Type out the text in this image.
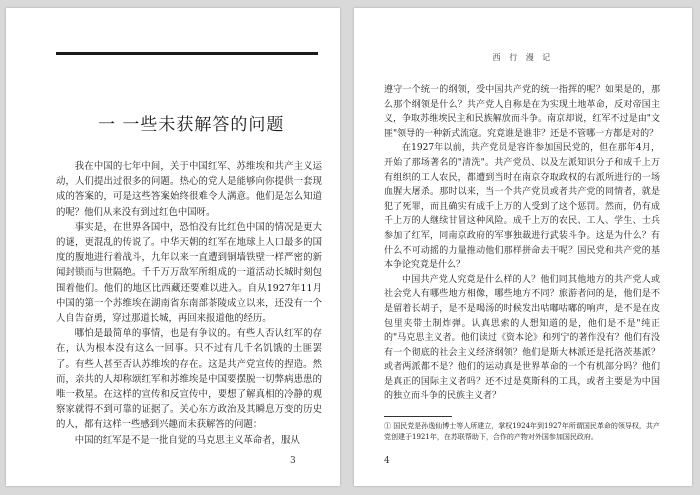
一 一些未获解答的问题

我在中国的七年中间，关于中国红军、苏维埃和共产主义运动，人们提出过很多的问题。热心的党人是能够向你提供一套现成的答案的，可是这些答案始终很难令人满意。他们是怎么知道的呢？他们从来没有到过红色中国呀。

事实是，在世界各国中，恐怕没有比红色中国的情况是更大的谜，更混乱的传说了。中华天朝的红军在地球上人口最多的国度的腹地进行着战斗，九年以来一直遭到铜墙铁壁一样严密的新闻封锁而与世隔绝。千千万万敌军所组成的一道活动长城时刻包围着他们。他们的地区比西藏还要难以进入。自从1927年11月中国的第一个苏维埃在湖南省东南部茶陵成立以来，还没有一个人自告奋勇，穿过那道长城，再回来报道他的经历。

哪怕是最简单的事情，也是有争议的。有些人否认红军的存在，认为根本没有这么一回事。只不过有几千名饥饿的土匪罢了。有些人甚至否认苏维埃的存在。这是共产党宣传的捏造。然而，亲共的人却称颂红军和苏维埃是中国要摆脱一切弊病患患的唯一救星。在这样的宣传和反宣传中，要想了解真相的冷静的观察家就得不到可靠的证据了。关心东方政治及其瞬息万变的历史的人，都有这样一些感到兴趣而未获解答的问题：

中国的红军是不是一批自觉的马克思主义革命者，服从

3
西 行 漫 记

遵守一个统一的纲领，受中国共产党的统一指挥的呢？如果是的，那么那个纲领是什么？共产党人自称是在为实现土地革命，反对帝国主义，争取苏维埃民主和民族解放而斗争。南京却说，红军不过是由"文匪"领导的一种新式流寇。究竟谁是谁非？还是不管哪一方都是对的？

在1927年以前，共产党员是容许参加国民党的，但在那年4月，开始了那场著名的"清洗"。共产党员、以及左派知识分子和成千上万有组织的工人农民，都遭到当时在南京夺取政权的右派所进行的一场血腥大屠杀。那时以来，当一个共产党员或者共产党的同情者，就是犯了死罪，而且确实有成千上万的人受到了这个惩罚。然而，仍有成千上万的人继续甘冒这种风险。成千上万的农民、工人、学生、士兵参加了红军，同南京政府的军事独裁进行武装斗争。这是为什么？有什么不可动摇的力量推动他们那样拼命去干呢？国民党和共产党的基本争论究竟是什么？

中国共产党人究竟是什么样的人？他们同其他地方的共产党人或社会党人有哪些地方相像，哪些地方不同？旅游者问的是，他们是不是留着长胡子，是不是喝汤的时候发出咕嘟咕嘟的响声，是不是在皮包里夹带土制炸弹。认真思索的人想知道的是，他们是不是"纯正的"马克思主义者。他们读过《资本论》和列宁的著作没有？他们有没有一个彻底的社会主义经济纲领？他们是斯大林派还是托洛茨基派？或者两派都不是？他们的运动真是世界革命的一个有机部分吗？他们是真正的国际主义者吗？还不过是莫斯科的工具，或者主要是为中国的独立而斗争的民族主义者？

① 国民党是孙逸仙博士等人所建立，掌权1924年到1927年所谓国民革命的领导权，共产党创建于1921年，在苏联帮助下，合作的产物对外国参加国民政府。
4
